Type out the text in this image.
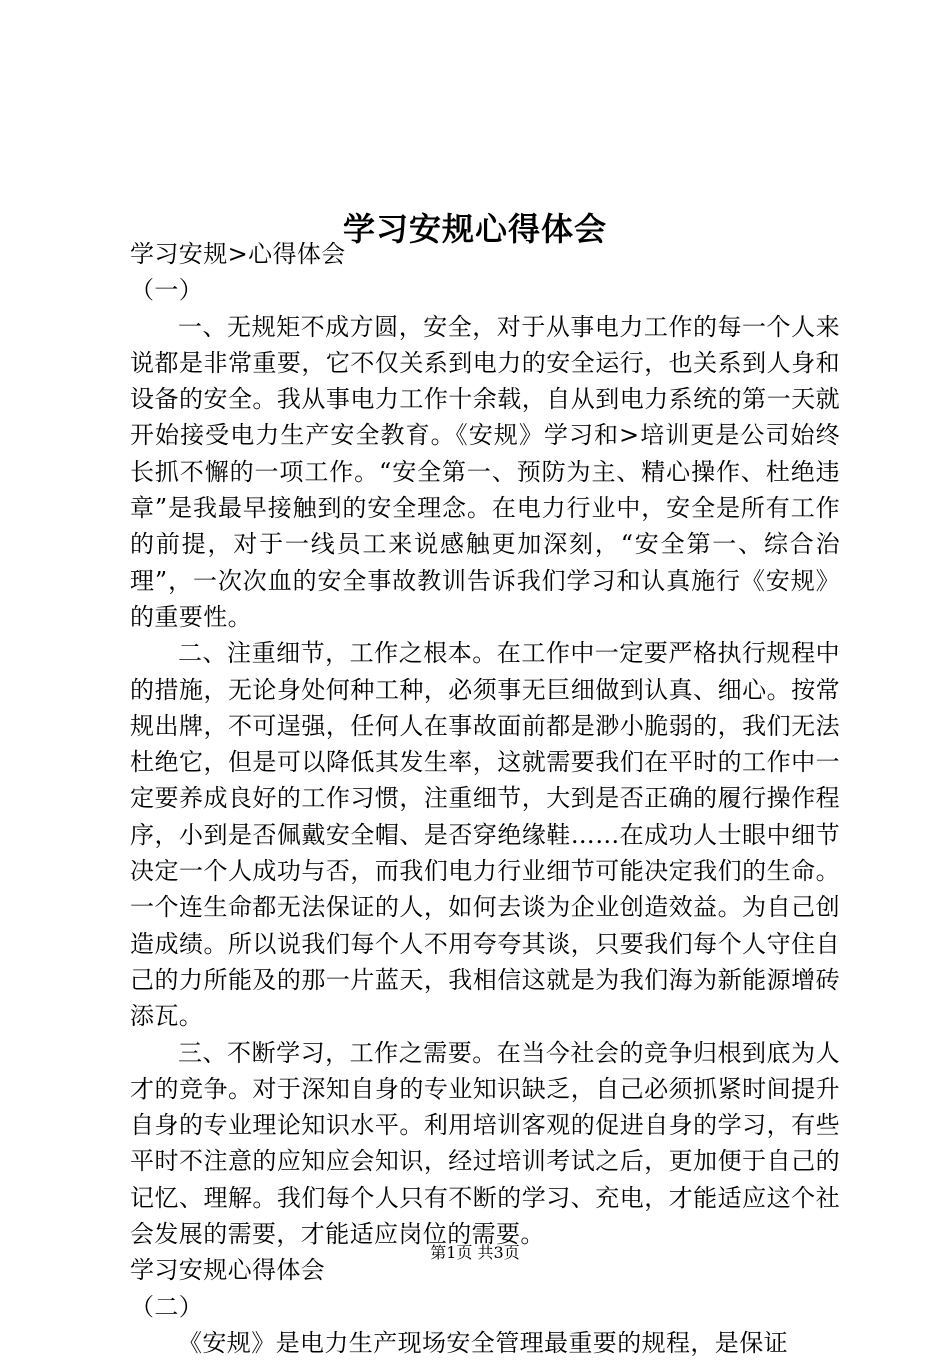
学习安规心得体会

学习安规>心得体会

（一）

一、无规矩不成方圆，安全，对于从事电力工作的每一个人来说都是非常重要，它不仅关系到电力的安全运行，也关系到人身和设备的安全。我从事电力工作十余载，自从到电力系统的第一天就开始接受电力生产安全教育。《安规》学习和>培训更是公司始终长抓不懈的一项工作。“安全第一、预防为主、精心操作、杜绝违章”是我最早接触到的安全理念。在电力行业中，安全是所有工作的前提，对于一线员工来说感触更加深刻，“安全第一、综合治理”，一次次血的安全事故教训告诉我们学习和认真施行《安规》的重要性。

二、注重细节，工作之根本。在工作中一定要严格执行规程中的措施，无论身处何种工种，必须事无巨细做到认真、细心。按常规出牌，不可逞强，任何人在事故面前都是渺小脆弱的，我们无法杜绝它，但是可以降低其发生率，这就需要我们在平时的工作中一定要养成良好的工作习惯，注重细节，大到是否正确的履行操作程序，小到是否佩戴安全帽、是否穿绝缘鞋……在成功人士眼中细节决定一个人成功与否，而我们电力行业细节可能决定我们的生命。一个连生命都无法保证的人，如何去谈为企业创造效益。为自己创造成绩。所以说我们每个人不用夸夸其谈，只要我们每个人守住自己的力所能及的那一片蓝天，我相信这就是为我们海为新能源增砖添瓦。

三、不断学习，工作之需要。在当今社会的竞争归根到底为人才的竞争。对于深知自身的专业知识缺乏，自己必须抓紧时间提升自身的专业理论知识水平。利用培训客观的促进自身的学习，有些平时不注意的应知应会知识，经过培训考试之后，更加便于自己的记忆、理解。我们每个人只有不断的学习、充电，才能适应这个社会发展的需要，才能适应岗位的需要。

学习安规心得体会

（二）

《安规》是电力生产现场安全管理最重要的规程，是保证

第1页 共3页
